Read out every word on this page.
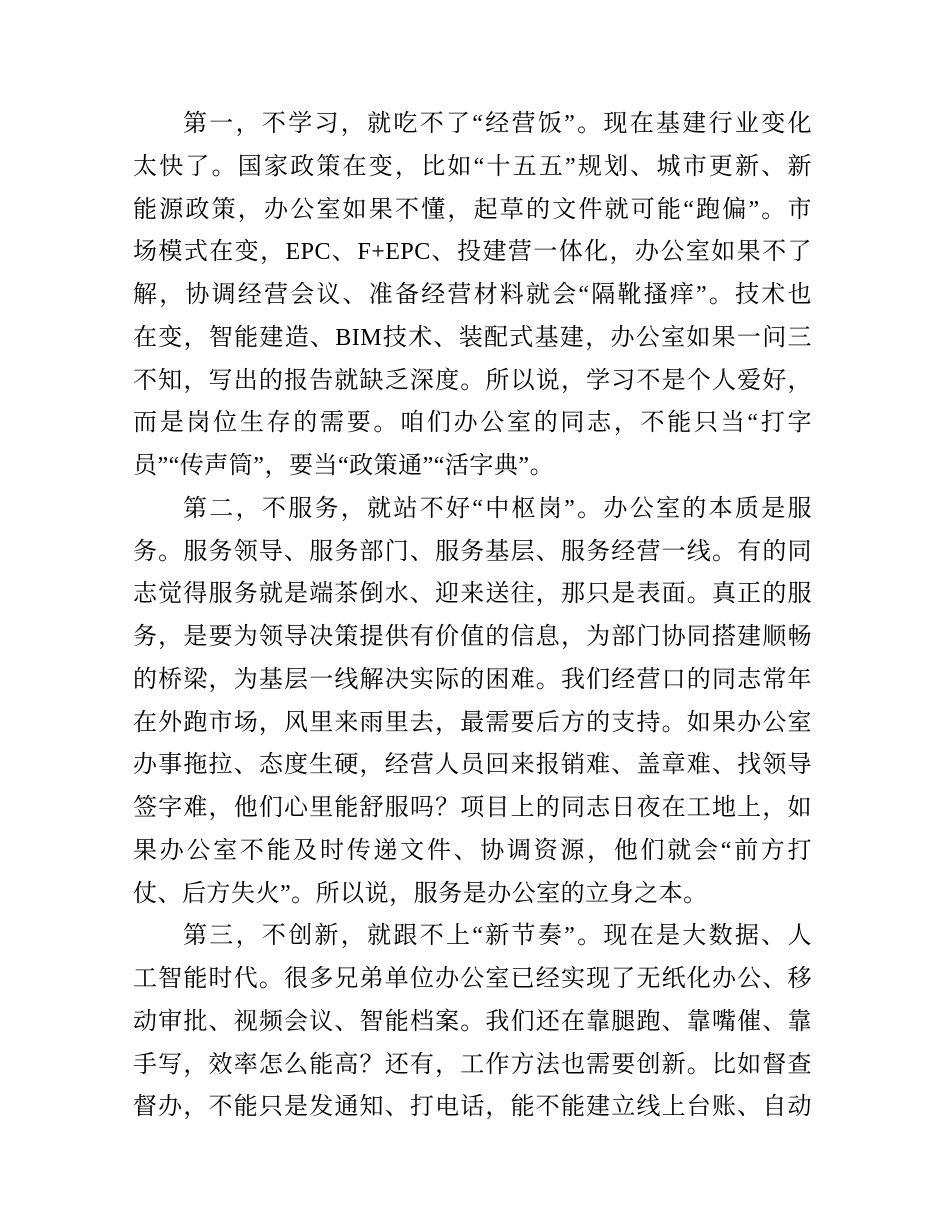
第一，不学习，就吃不了“经营饭”。现在基建行业变化
太快了。国家政策在变，比如“十五五”规划、城市更新、新
能源政策，办公室如果不懂，起草的文件就可能“跑偏”。市
场模式在变，EPC、F+EPC、投建营一体化，办公室如果不了
解，协调经营会议、准备经营材料就会“隔靴搔痒”。技术也
在变，智能建造、BIM技术、装配式基建，办公室如果一问三
不知，写出的报告就缺乏深度。所以说，学习不是个人爱好，
而是岗位生存的需要。咱们办公室的同志，不能只当“打字
员”“传声筒”，要当“政策通”“活字典”。
第二，不服务，就站不好“中枢岗”。办公室的本质是服
务。服务领导、服务部门、服务基层、服务经营一线。有的同
志觉得服务就是端茶倒水、迎来送往，那只是表面。真正的服
务，是要为领导决策提供有价值的信息，为部门协同搭建顺畅
的桥梁，为基层一线解决实际的困难。我们经营口的同志常年
在外跑市场，风里来雨里去，最需要后方的支持。如果办公室
办事拖拉、态度生硬，经营人员回来报销难、盖章难、找领导
签字难，他们心里能舒服吗？项目上的同志日夜在工地上，如
果办公室不能及时传递文件、协调资源，他们就会“前方打
仗、后方失火”。所以说，服务是办公室的立身之本。
第三，不创新，就跟不上“新节奏”。现在是大数据、人
工智能时代。很多兄弟单位办公室已经实现了无纸化办公、移
动审批、视频会议、智能档案。我们还在靠腿跑、靠嘴催、靠
手写，效率怎么能高？还有，工作方法也需要创新。比如督查
督办，不能只是发通知、打电话，能不能建立线上台账、自动
